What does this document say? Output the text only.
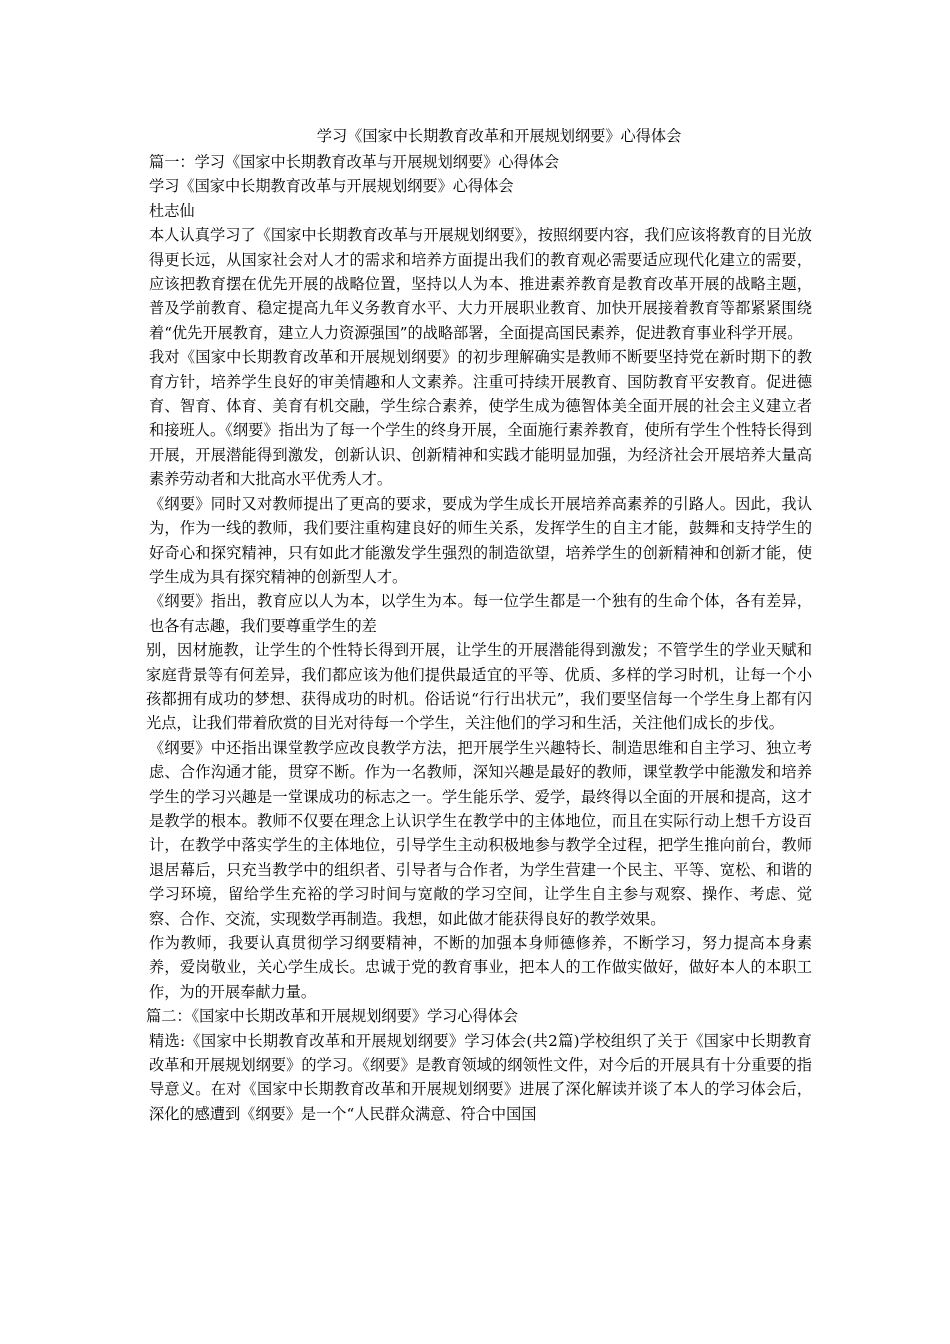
学习《国家中长期教育改革和开展规划纲要》心得体会

篇一：学习《国家中长期教育改革与开展规划纲要》心得体会

学习《国家中长期教育改革与开展规划纲要》心得体会

杜志仙

本人认真学习了《国家中长期教育改革与开展规划纲要》，按照纲要内容，我们应该将教育的目光放得更长远，从国家社会对人才的需求和培养方面提出我们的教育观必需要适应现代化建立的需要，应该把教育摆在优先开展的战略位置，坚持以人为本、推进素养教育是教育改革开展的战略主题，普及学前教育、稳定提高九年义务教育水平、大力开展职业教育、加快开展接着教育等都紧紧围绕着“优先开展教育，建立人力资源强国”的战略部署，全面提高国民素养，促进教育事业科学开展。

我对《国家中长期教育改革和开展规划纲要》的初步理解确实是教师不断要坚持党在新时期下的教育方针，培养学生良好的审美情趣和人文素养。注重可持续开展教育、国防教育平安教育。促进德育、智育、体育、美育有机交融，学生综合素养，使学生成为德智体美全面开展的社会主义建立者和接班人。《纲要》指出为了每一个学生的终身开展，全面施行素养教育，使所有学生个性特长得到开展，开展潜能得到激发，创新认识、创新精神和实践才能明显加强，为经济社会开展培养大量高素养劳动者和大批高水平优秀人才。

《纲要》同时又对教师提出了更高的要求，要成为学生成长开展培养高素养的引路人。因此，我认为，作为一线的教师，我们要注重构建良好的师生关系，发挥学生的自主才能，鼓舞和支持学生的好奇心和探究精神，只有如此才能激发学生强烈的制造欲望，培养学生的创新精神和创新才能，使学生成为具有探究精神的创新型人才。

《纲要》指出，教育应以人为本，以学生为本。每一位学生都是一个独有的生命个体，各有差异，也各有志趣，我们要尊重学生的差

别，因材施教，让学生的个性特长得到开展，让学生的开展潜能得到激发；不管学生的学业天赋和家庭背景等有何差异，我们都应该为他们提供最适宜的平等、优质、多样的学习时机，让每一个小孩都拥有成功的梦想、获得成功的时机。俗话说“行行出状元”，我们要坚信每一个学生身上都有闪光点，让我们带着欣赏的目光对待每一个学生，关注他们的学习和生活，关注他们成长的步伐。

《纲要》中还指出课堂教学应改良教学方法，把开展学生兴趣特长、制造思维和自主学习、独立考虑、合作沟通才能，贯穿不断。作为一名教师，深知兴趣是最好的教师，课堂教学中能激发和培养学生的学习兴趣是一堂课成功的标志之一。学生能乐学、爱学，最终得以全面的开展和提高，这才是教学的根本。教师不仅要在理念上认识学生在教学中的主体地位，而且在实际行动上想千方设百计，在教学中落实学生的主体地位，引导学生主动积极地参与教学全过程，把学生推向前台，教师退居幕后，只充当教学中的组织者、引导者与合作者，为学生营建一个民主、平等、宽松、和谐的学习环境，留给学生充裕的学习时间与宽敞的学习空间，让学生自主参与观察、操作、考虑、觉察、合作、交流，实现数学再制造。我想，如此做才能获得良好的教学效果。

作为教师，我要认真贯彻学习纲要精神，不断的加强本身师德修养，不断学习，努力提高本身素养，爱岗敬业，关心学生成长。忠诚于党的教育事业，把本人的工作做实做好，做好本人的本职工作，为的开展奉献力量。

篇二：《国家中长期改革和开展规划纲要》学习心得体会

精选:《国家中长期教育改革和开展规划纲要》学习体会(共2篇)学校组织了关于《国家中长期教育改革和开展规划纲要》的学习。《纲要》是教育领域的纲领性文件，对今后的开展具有十分重要的指导意义。在对《国家中长期教育改革和开展规划纲要》进展了深化解读并谈了本人的学习体会后，深化的感遭到《纲要》是一个“人民群众满意、符合中国国
